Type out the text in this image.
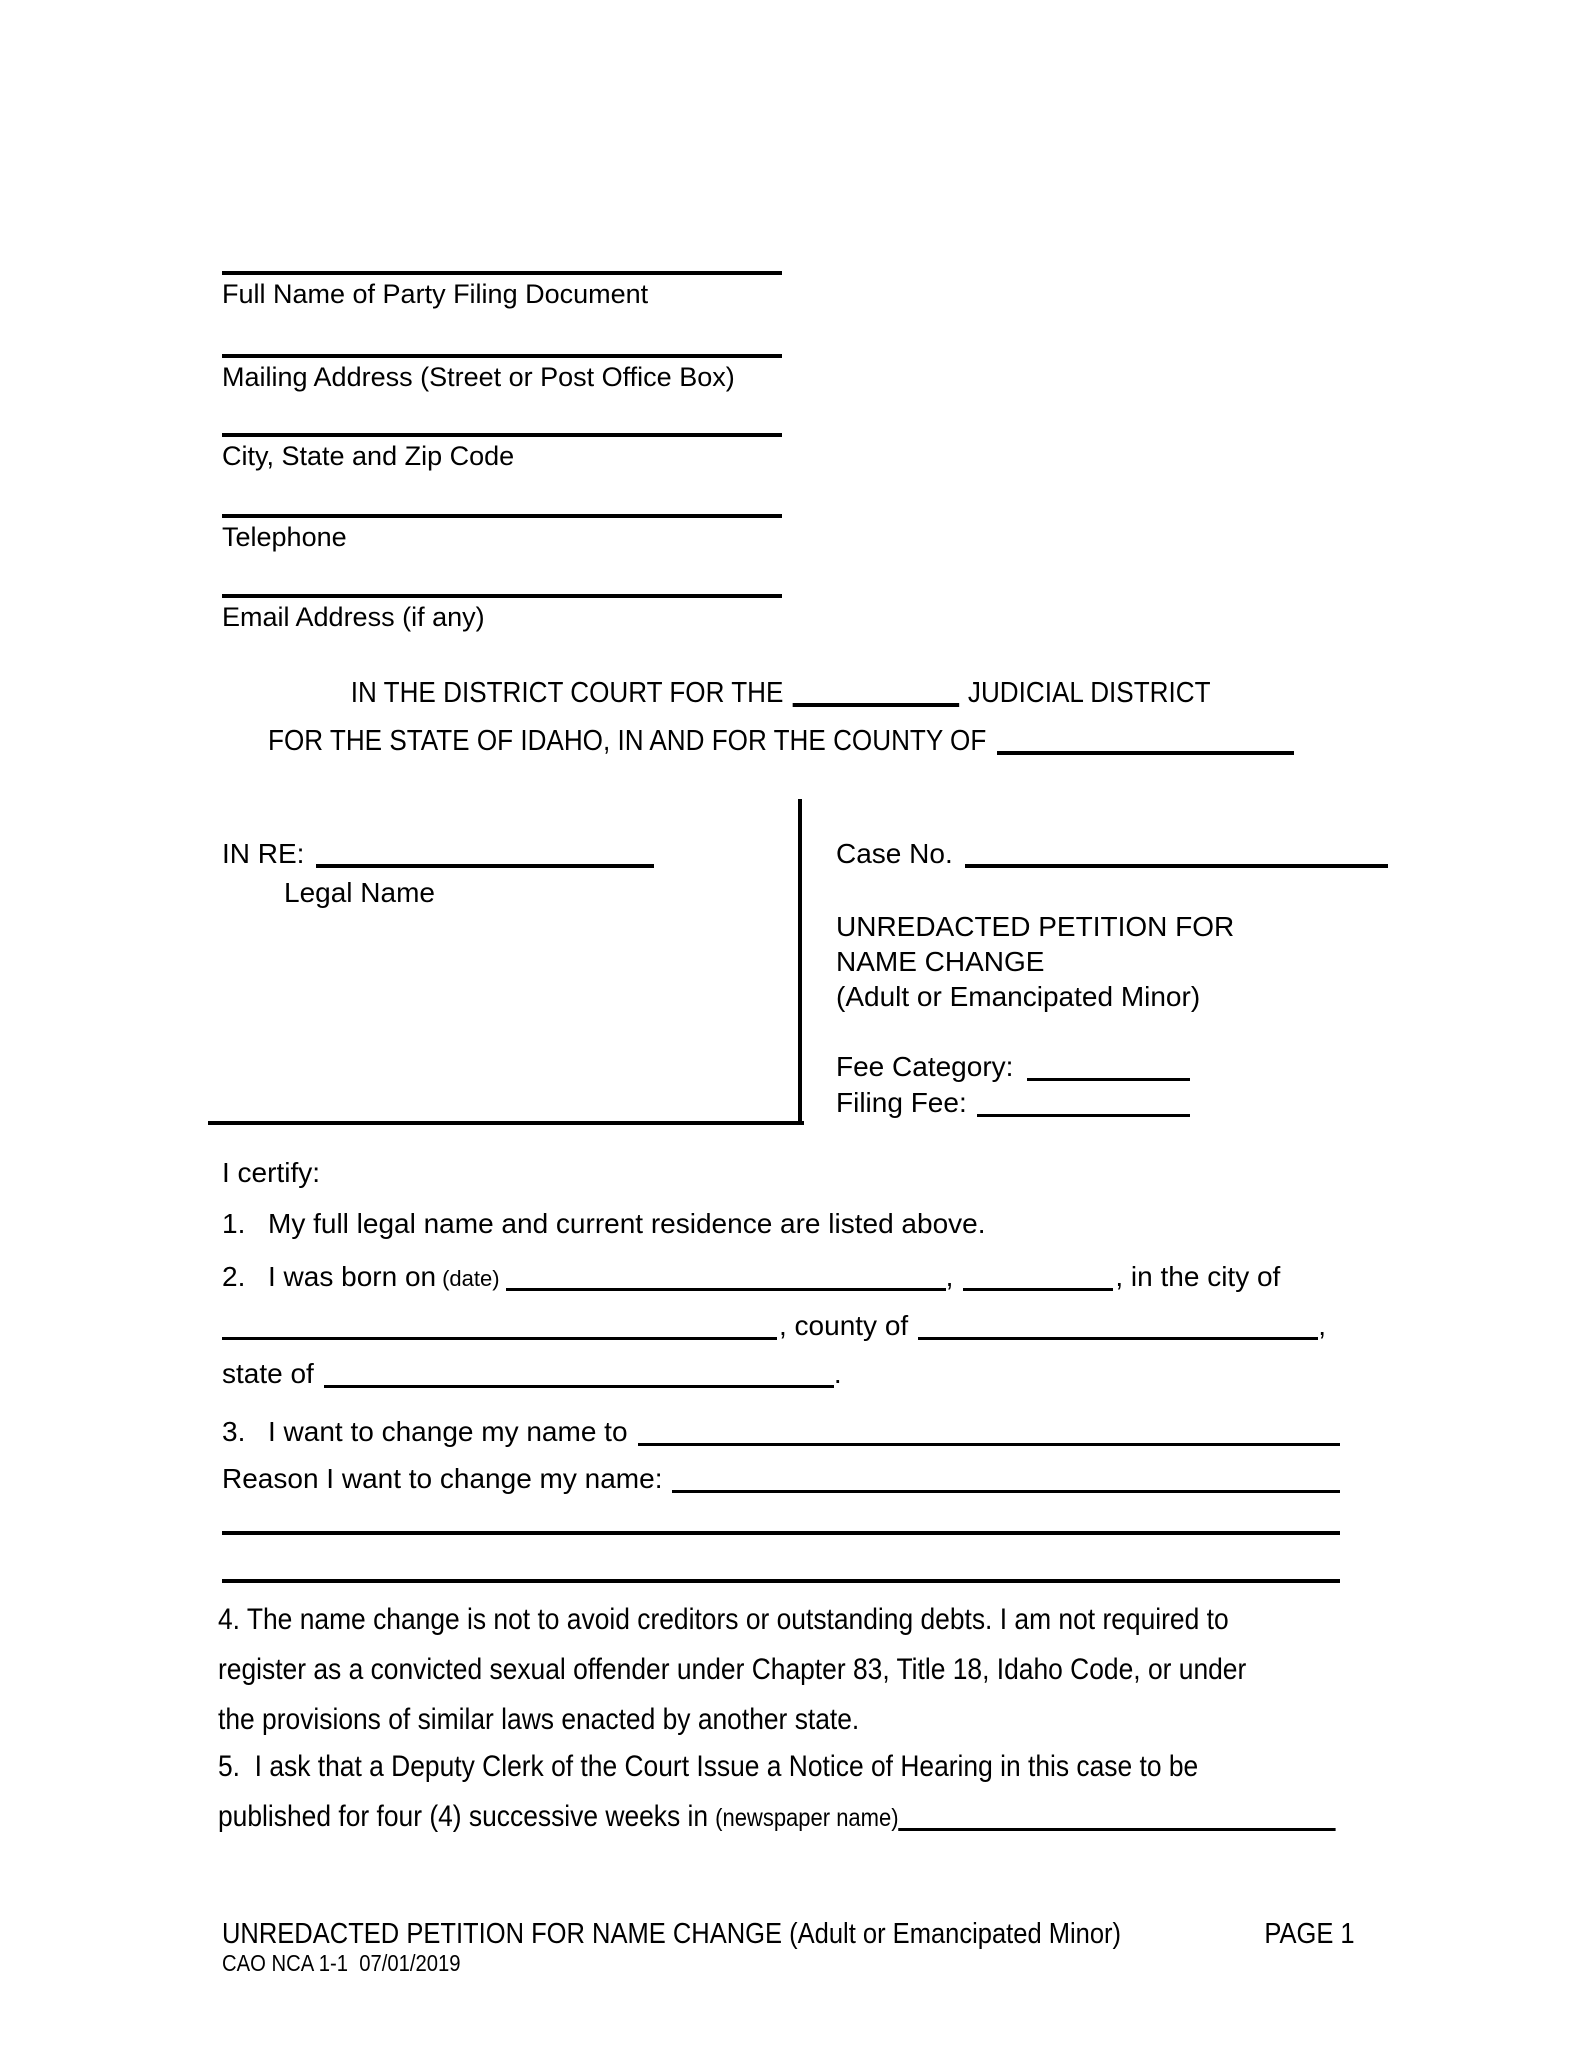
Full Name of Party Filing Document
Mailing Address (Street or Post Office Box)
City, State and Zip Code
Telephone
Email Address (if any)
IN THE DISTRICT COURT FOR THE	JUDICIAL DISTRICT
FOR THE STATE OF IDAHO, IN AND FOR THE COUNTY OF
IN RE:
Legal Name
Case No.
UNREDACTED PETITION FOR
NAME CHANGE
(Adult or Emancipated Minor)
Fee Category:
Filing Fee:
I certify:
1. My full legal name and current residence are listed above.
2. I was born on (date)	,	, in the city of
, county of	,
state of	.
3. I want to change my name to
Reason I want to change my name:
4. The name change is not to avoid creditors or outstanding debts. I am not required to
register as a convicted sexual offender under Chapter 83, Title 18, Idaho Code, or under
the provisions of similar laws enacted by another state.
5.  I ask that a Deputy Clerk of the Court Issue a Notice of Hearing in this case to be
published for four (4) successive weeks in (newspaper name)
UNREDACTED PETITION FOR NAME CHANGE (Adult or Emancipated Minor)	PAGE 1
CAO NCA 1-1  07/01/2019
